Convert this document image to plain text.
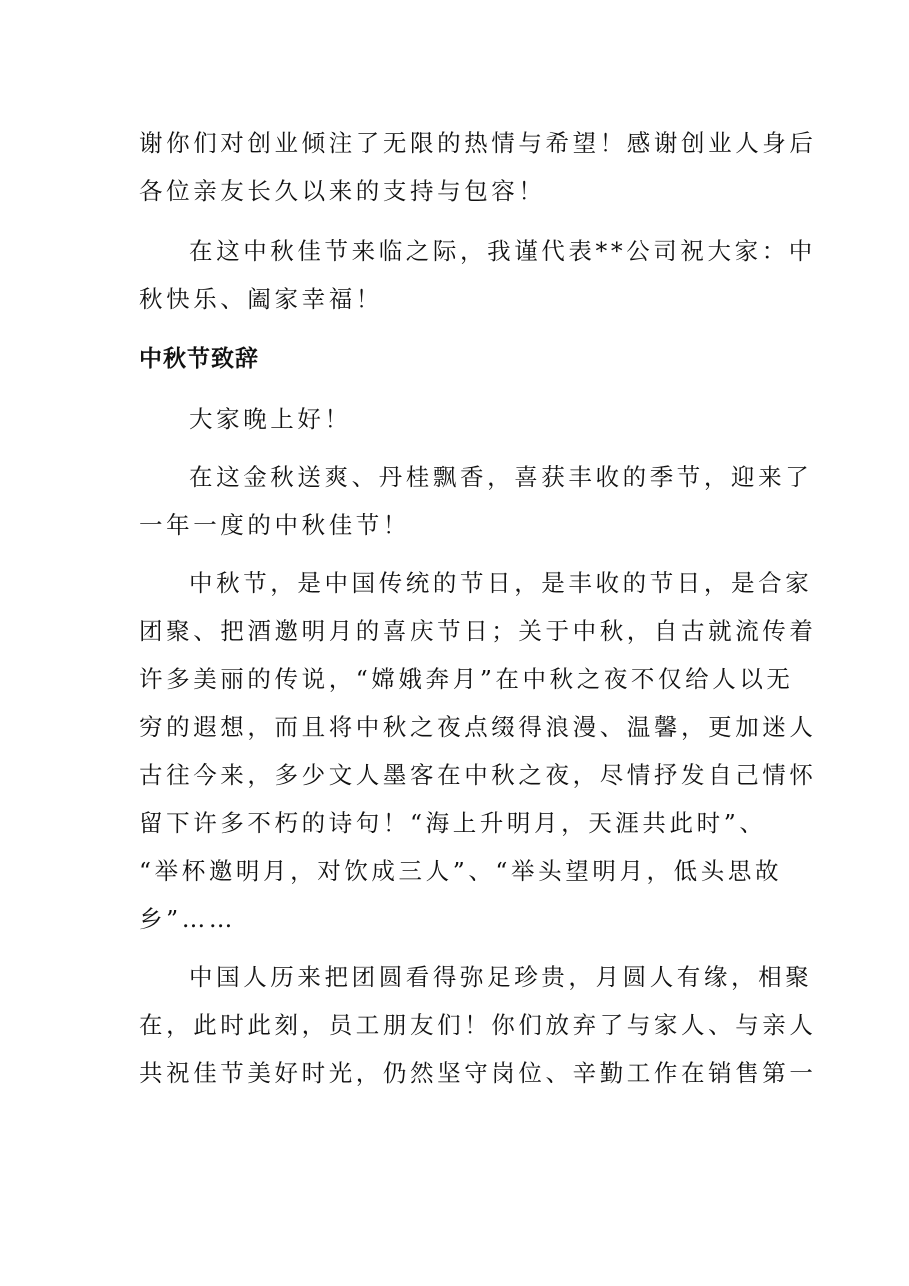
谢你们对创业倾注了无限的热情与希望！感谢创业人身后
各位亲友长久以来的支持与包容！
在这中秋佳节来临之际，我谨代表**公司祝大家：中
秋快乐、阖家幸福！
中秋节致辞
大家晚上好！
在这金秋送爽、丹桂飘香，喜获丰收的季节，迎来了
一年一度的中秋佳节！
中秋节，是中国传统的节日，是丰收的节日，是合家
团聚、把酒邀明月的喜庆节日；关于中秋，自古就流传着
许多美丽的传说，“嫦娥奔月”在中秋之夜不仅给人以无
穷的遐想，而且将中秋之夜点缀得浪漫、温馨，更加迷人
古往今来，多少文人墨客在中秋之夜，尽情抒发自己情怀
留下许多不朽的诗句！“海上升明月，天涯共此时”、
“举杯邀明月，对饮成三人”、“举头望明月，低头思故
乡”……
中国人历来把团圆看得弥足珍贵，月圆人有缘，相聚
在，此时此刻，员工朋友们！你们放弃了与家人、与亲人
共祝佳节美好时光，仍然坚守岗位、辛勤工作在销售第一
